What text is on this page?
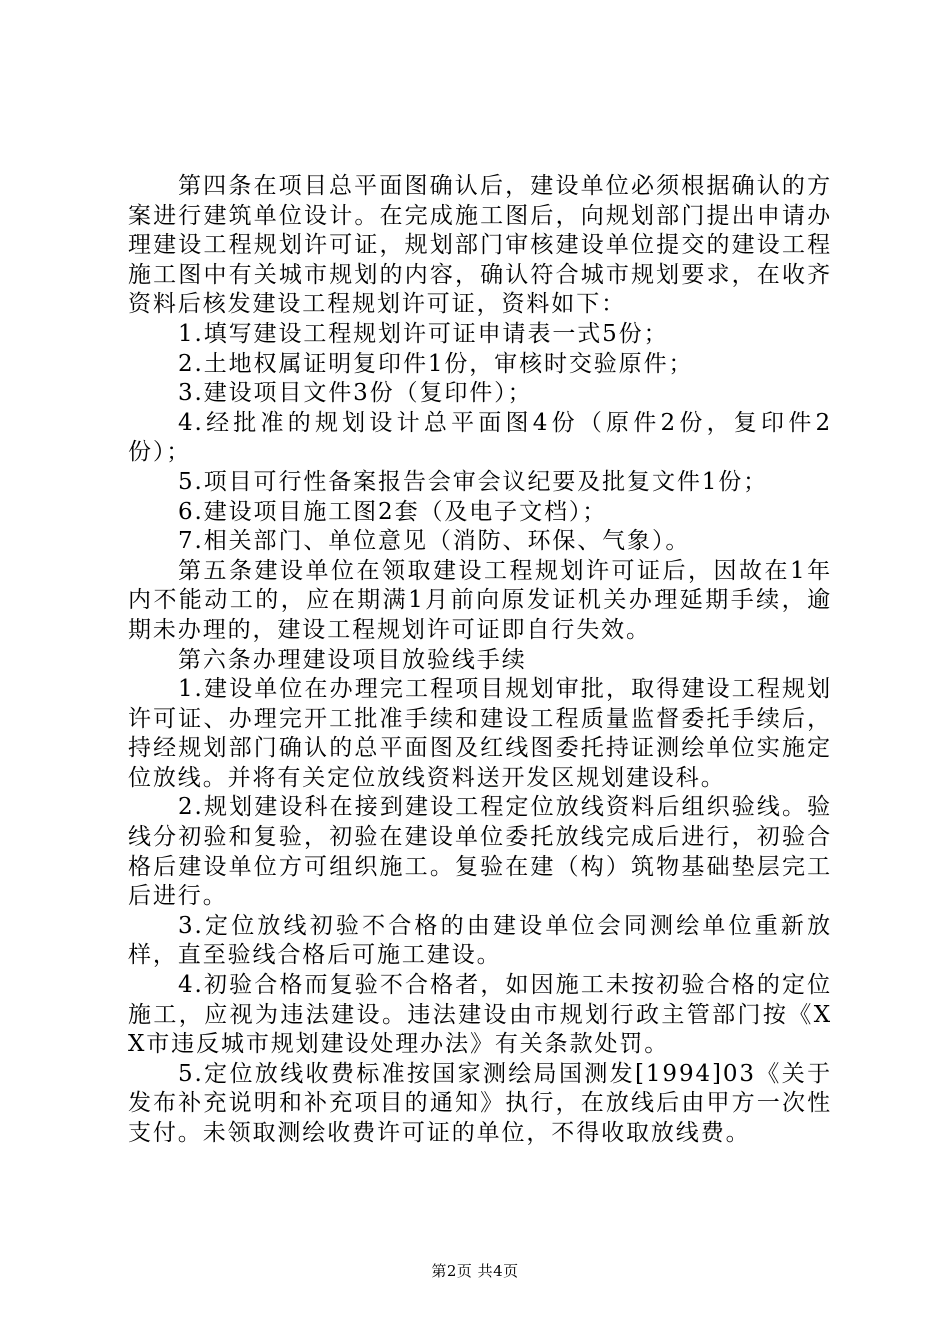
第四条在项目总平面图确认后，建设单位必须根据确认的方案进行建筑单位设计。在完成施工图后，向规划部门提出申请办理建设工程规划许可证，规划部门审核建设单位提交的建设工程施工图中有关城市规划的内容，确认符合城市规划要求，在收齐资料后核发建设工程规划许可证，资料如下：

1.填写建设工程规划许可证申请表一式5份；

2.土地权属证明复印件1份，审核时交验原件；

3.建设项目文件3份（复印件）；

4.经批准的规划设计总平面图4份（原件2份，复印件2份）；

5.项目可行性备案报告会审会议纪要及批复文件1份；

6.建设项目施工图2套（及电子文档）；

7.相关部门、单位意见（消防、环保、气象）。

第五条建设单位在领取建设工程规划许可证后，因故在1年内不能动工的，应在期满1月前向原发证机关办理延期手续，逾期未办理的，建设工程规划许可证即自行失效。

第六条办理建设项目放验线手续

1.建设单位在办理完工程项目规划审批，取得建设工程规划许可证、办理完开工批准手续和建设工程质量监督委托手续后，持经规划部门确认的总平面图及红线图委托持证测绘单位实施定位放线。并将有关定位放线资料送开发区规划建设科。

2.规划建设科在接到建设工程定位放线资料后组织验线。验线分初验和复验，初验在建设单位委托放线完成后进行，初验合格后建设单位方可组织施工。复验在建（构）筑物基础垫层完工后进行。

3.定位放线初验不合格的由建设单位会同测绘单位重新放样，直至验线合格后可施工建设。

4.初验合格而复验不合格者，如因施工未按初验合格的定位施工，应视为违法建设。违法建设由市规划行政主管部门按《XX市违反城市规划建设处理办法》有关条款处罚。

5.定位放线收费标准按国家测绘局国测发[1994]03《关于发布补充说明和补充项目的通知》执行，在放线后由甲方一次性支付。未领取测绘收费许可证的单位，不得收取放线费。

第2页 共4页
